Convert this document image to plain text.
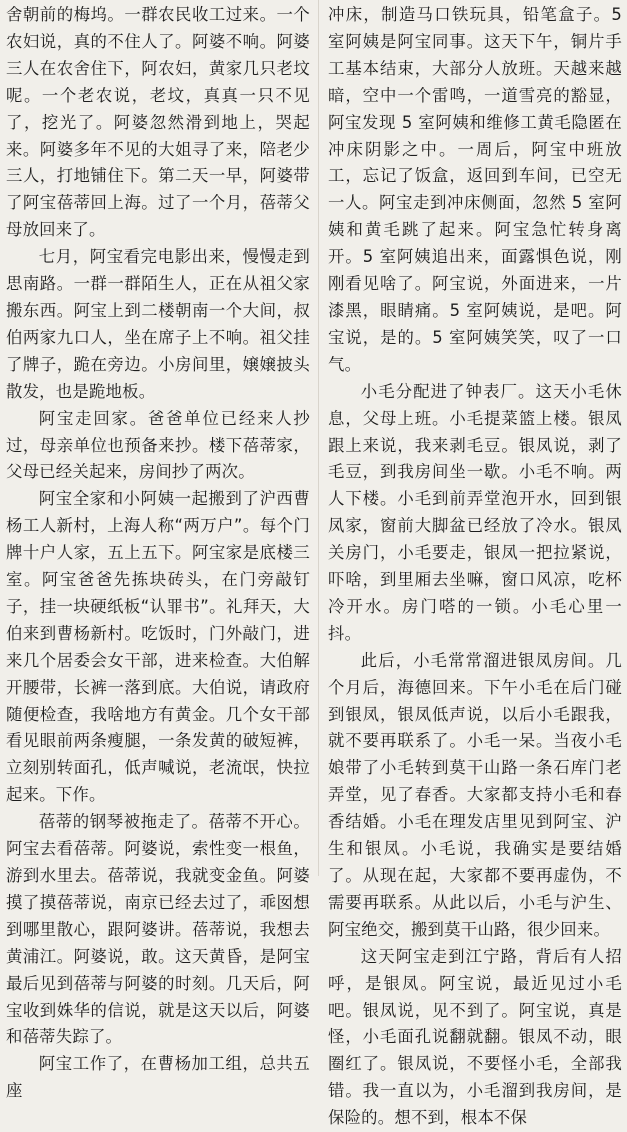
舍朝前的梅坞。一群农民收工过来。一个农妇说，真的不住人了。阿婆不响。阿婆三人在农舍住下，阿农妇，黄家几只老坟呢。一个老农说，老坟，真真一只不见了，挖光了。阿婆忽然滑到地上，哭起来。阿婆多年不见的大姐寻了来，陪老少三人，打地铺住下。第二天一早，阿婆带了阿宝蓓蒂回上海。过了一个月，蓓蒂父母放回来了。

七月，阿宝看完电影出来，慢慢走到思南路。一群一群陌生人，正在从祖父家搬东西。阿宝上到二楼朝南一个大间，叔伯两家九口人，坐在席子上不响。祖父挂了牌子，跪在旁边。小房间里，嬢嬢披头散发，也是跪地板。

阿宝走回家。爸爸单位已经来人抄过，母亲单位也预备来抄。楼下蓓蒂家，父母已经关起来，房间抄了两次。

阿宝全家和小阿姨一起搬到了沪西曹杨工人新村，上海人称“两万户”。每个门牌十户人家，五上五下。阿宝家是底楼三室。阿宝爸爸先拣块砖头，在门旁敲钉子，挂一块硬纸板“认罪书”。礼拜天，大伯来到曹杨新村。吃饭时，门外敲门，进来几个居委会女干部，进来检查。大伯解开腰带，长裤一落到底。大伯说，请政府随便检查，我啥地方有黄金。几个女干部看见眼前两条瘦腿，一条发黄的破短裤，立刻别转面孔，低声喊说，老流氓，快拉起来。下作。

蓓蒂的钢琴被拖走了。蓓蒂不开心。阿宝去看蓓蒂。阿婆说，索性变一根鱼，游到水里去。蓓蒂说，我就变金鱼。阿婆摸了摸蓓蒂说，南京已经去过了，乖囡想到哪里散心，跟阿婆讲。蓓蒂说，我想去黄浦江。阿婆说，敢。这天黄昏，是阿宝最后见到蓓蒂与阿婆的时刻。几天后，阿宝收到姝华的信说，就是这天以后，阿婆和蓓蒂失踪了。

阿宝工作了，在曹杨加工组，总共五座

冲床，制造马口铁玩具，铅笔盒子。5 室阿姨是阿宝同事。这天下午，铜片手工基本结束，大部分人放班。天越来越暗，空中一个雷鸣，一道雪亮的豁显，阿宝发现 5 室阿姨和维修工黄毛隐匿在冲床阴影之中。一周后，阿宝中班放工，忘记了饭盒，返回到车间，已空无一人。阿宝走到冲床侧面，忽然 5 室阿姨和黄毛跳了起来。阿宝急忙转身离开。5 室阿姨追出来，面露惧色说，刚刚看见啥了。阿宝说，外面进来，一片漆黑，眼睛痛。5 室阿姨说，是吧。阿宝说，是的。5 室阿姨笑笑，叹了一口气。

小毛分配进了钟表厂。这天小毛休息，父母上班。小毛提菜篮上楼。银凤跟上来说，我来剥毛豆。银凤说，剥了毛豆，到我房间坐一歇。小毛不响。两人下楼。小毛到前弄堂泡开水，回到银凤家，窗前大脚盆已经放了冷水。银凤关房门，小毛要走，银凤一把拉紧说，吓啥，到里厢去坐嘛，窗口风凉，吃杯冷开水。房门嗒的一锁。小毛心里一抖。

此后，小毛常常溜进银凤房间。几个月后，海德回来。下午小毛在后门碰到银凤，银凤低声说，以后小毛跟我，就不要再联系了。小毛一呆。当夜小毛娘带了小毛转到莫干山路一条石库门老弄堂，见了春香。大家都支持小毛和春香结婚。小毛在理发店里见到阿宝、沪生和银凤。小毛说，我确实是要结婚了。从现在起，大家都不要再虚伪，不需要再联系。从此以后，小毛与沪生、阿宝绝交，搬到莫干山路，很少回来。

这天阿宝走到江宁路，背后有人招呼，是银凤。阿宝说，最近见过小毛吧。银凤说，见不到了。阿宝说，真是怪，小毛面孔说翻就翻。银凤不动，眼圈红了。银凤说，不要怪小毛，全部我错。我一直以为，小毛溜到我房间，是保险的。想不到，根本不保
